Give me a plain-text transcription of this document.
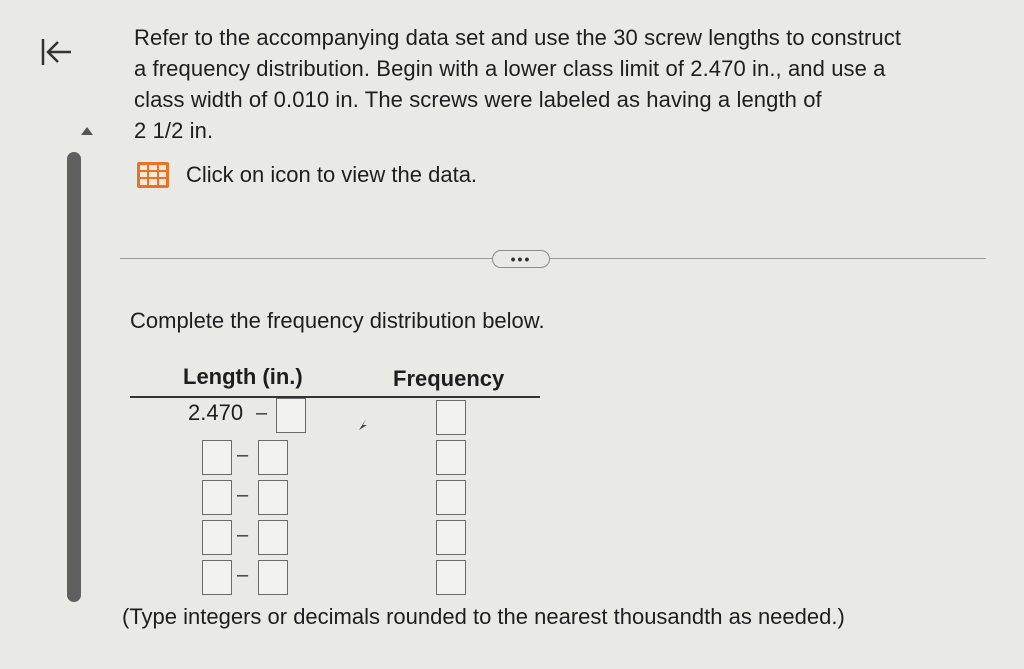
Refer to the accompanying data set and use the 30 screw lengths to construct
a frequency distribution. Begin with a lower class limit of 2.470 in., and use a
class width of 0.010 in. The screws were labeled as having a length of
2 1/2 in.
Click on icon to view the data.
•••
Complete the frequency distribution below.
Length (in.)	Frequency
2.470 –
–
–
–
–
(Type integers or decimals rounded to the nearest thousandth as needed.)
